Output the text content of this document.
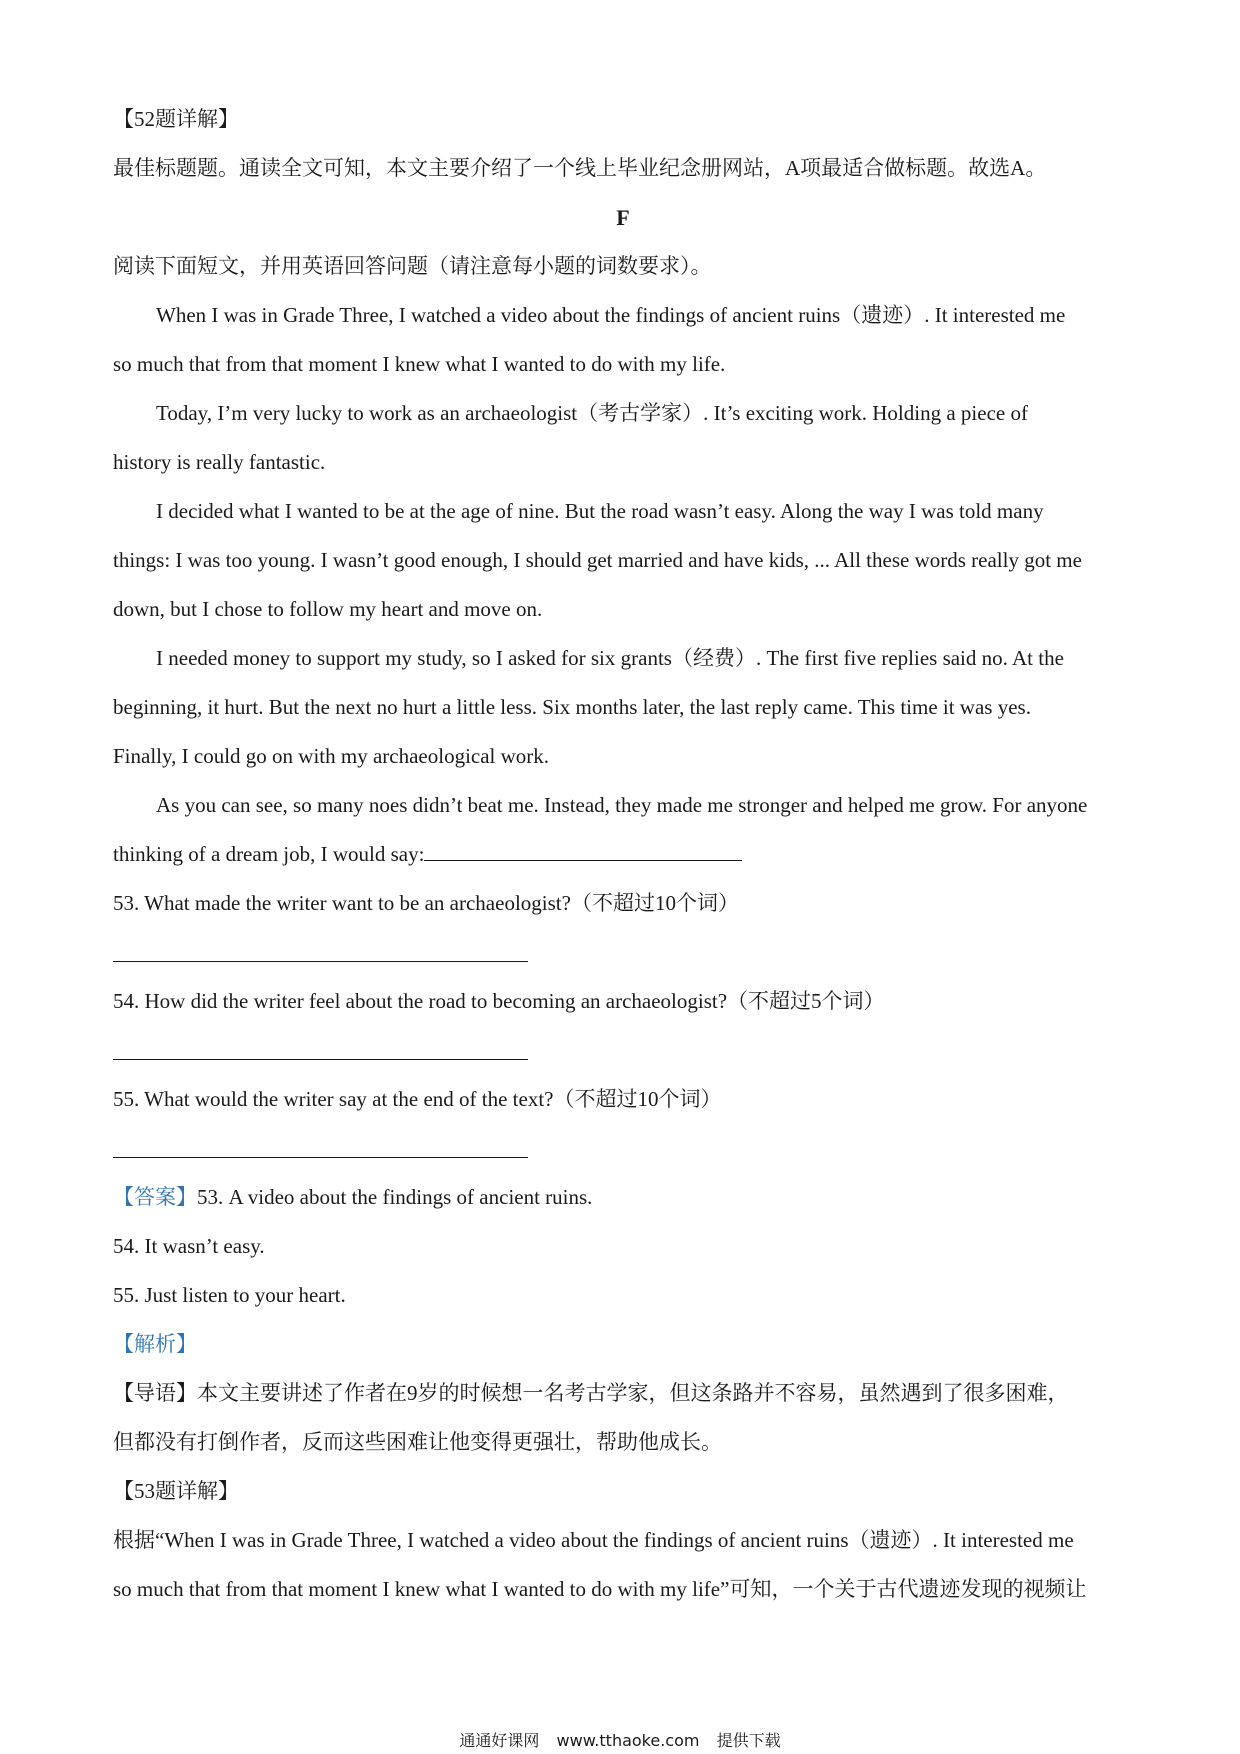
【52题详解】

最佳标题题。通读全文可知，本文主要介绍了一个线上毕业纪念册网站，A项最适合做标题。故选A。

F

阅读下面短文，并用英语回答问题（请注意每小题的词数要求）。

When I was in Grade Three, I watched a video about the findings of ancient ruins（遗迹）. It interested me

so much that from that moment I knew what I wanted to do with my life.

Today, I’m very lucky to work as an archaeologist（考古学家）. It’s exciting work. Holding a piece of

history is really fantastic.

I decided what I wanted to be at the age of nine. But the road wasn’t easy. Along the way I was told many

things: I was too young. I wasn’t good enough, I should get married and have kids, ... All these words really got me

down, but I chose to follow my heart and move on.

I needed money to support my study, so I asked for six grants（经费）. The first five replies said no. At the

beginning, it hurt. But the next no hurt a little less. Six months later, the last reply came. This time it was yes.

Finally, I could go on with my archaeological work.

As you can see, so many noes didn’t beat me. Instead, they made me stronger and helped me grow. For anyone

thinking of a dream job, I would say:

53. What made the writer want to be an archaeologist?（不超过10个词）

54. How did the writer feel about the road to becoming an archaeologist?（不超过5个词）

55. What would the writer say at the end of the text?（不超过10个词）

【答案】53. A video about the findings of ancient ruins.

54. It wasn’t easy.

55. Just listen to your heart.

【解析】

【导语】本文主要讲述了作者在9岁的时候想一名考古学家，但这条路并不容易，虽然遇到了很多困难，

但都没有打倒作者，反而这些困难让他变得更强壮，帮助他成长。

【53题详解】

根据“When I was in Grade Three, I watched a video about the findings of ancient ruins（遗迹）. It interested me

so much that from that moment I knew what I wanted to do with my life”可知，一个关于古代遗迹发现的视频让

通通好课网 www.tthaoke.com 提供下载
